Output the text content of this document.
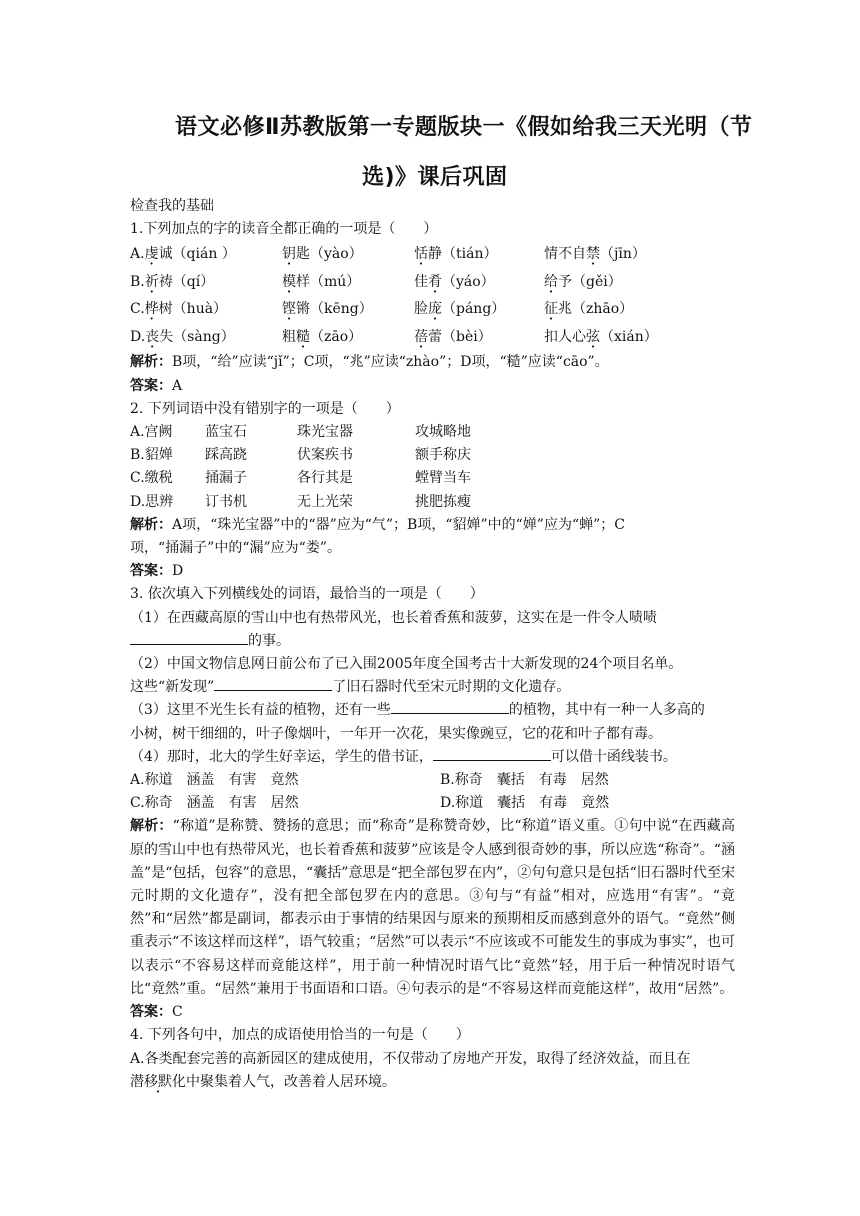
语文必修Ⅱ苏教版第一专题版块一《假如给我三天光明（节
选)》课后巩固
检查我的基础
1.下列加点的字的读音全都正确的一项是（　　）
A.虔诚（qián ）	钥匙（yào）	恬静（tián）	情不自禁（jīn）
B.祈祷（qí）	模样（mú）	佳肴（yáo）	给予（gěi）
C.桦树（huà）	铿锵（kēng）	脸庞（páng）	征兆（zhāo）
D.丧失（sàng）	粗糙（zāo）	蓓蕾（bèi）	扣人心弦（xián）
解析：B项，“给”应读“jǐ”；C项，“兆”应读“zhào”；D项，“糙”应读“cāo”。
答案：A
2. 下列词语中没有错别字的一项是（　　）
A.宫阙	蓝宝石	珠光宝器	攻城略地
B.貂婵	踩高跷	伏案疾书	额手称庆
C.缴税	捅漏子	各行其是	螳臂当车
D.思辨	订书机	无上光荣	挑肥拣瘦
解析：A项，“珠光宝器”中的“器”应为“气”；B项，“貂婵”中的“婵”应为“蝉”；C
项，“捅漏子”中的“漏”应为“娄”。
答案：D
3. 依次填入下列横线处的词语，最恰当的一项是（　　）
（1）在西藏高原的雪山中也有热带风光，也长着香蕉和菠萝，这实在是一件令人啧啧
的事。
（2）中国文物信息网日前公布了已入围2005年度全国考古十大新发现的24个项目名单。
这些“新发现”	了旧石器时代至宋元时期的文化遗存。
（3）这里不光生长有益的植物，还有一些	的植物，其中有一种一人多高的
小树，树干细细的，叶子像烟叶，一年开一次花，果实像豌豆，它的花和叶子都有毒。
（4）那时，北大的学生好幸运，学生的借书证，	可以借十函线装书。
A.称道　涵盖　有害　竟然	B.称奇　囊括　有毒　居然
C.称奇　涵盖　有害　居然	D.称道　囊括　有毒　竟然
解析：“称道”是称赞、赞扬的意思；而“称奇”是称赞奇妙，比“称道”语义重。①句中说“在西藏高原的雪山中也有热带风光，也长着香蕉和菠萝”应该是令人感到很奇妙的事，所以应选“称奇”。“涵盖”是“包括，包容”的意思，“囊括”意思是“把全部包罗在内”，②句句意只是包括“旧石器时代至宋元时期的文化遗存”，没有把全部包罗在内的意思。③句与“有益”相对，应选用“有害”。“竟然”和“居然”都是副词，都表示由于事情的结果因与原来的预期相反而感到意外的语气。“竟然”侧重表示“不该这样而这样”，语气较重；“居然”可以表示“不应该或不可能发生的事成为事实”，也可以表示“不容易这样而竟能这样”，用于前一种情况时语气比“竟然”轻，用于后一种情况时语气比“竟然”重。“居然”兼用于书面语和口语。④句表示的是“不容易这样而竟能这样”，故用“居然”。
答案：C
4. 下列各句中，加点的成语使用恰当的一句是（　　）
A.各类配套完善的高新园区的建成使用，不仅带动了房地产开发，取得了经济效益，而且在
潜移默化中聚集着人气，改善着人居环境。
